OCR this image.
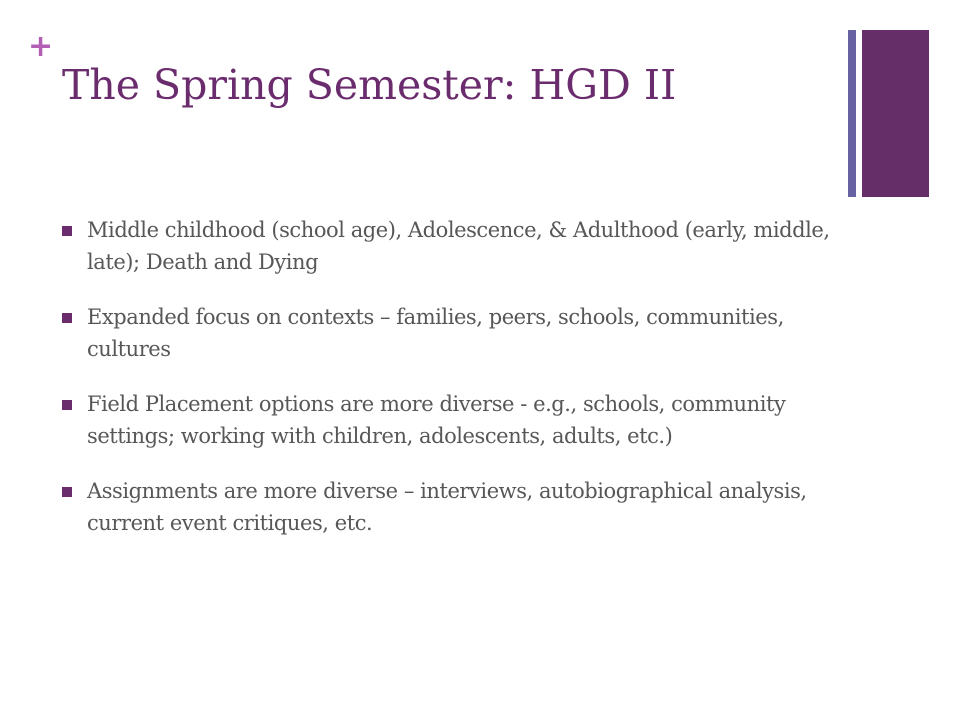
+
The Spring Semester: HGD II
Middle childhood (school age), Adolescence, & Adulthood (early, middle, late); Death and Dying
Expanded focus on contexts – families, peers, schools, communities, cultures
Field Placement options are more diverse - e.g., schools, community settings; working with children, adolescents, adults, etc.)
Assignments are more diverse – interviews, autobiographical analysis, current event critiques, etc.
